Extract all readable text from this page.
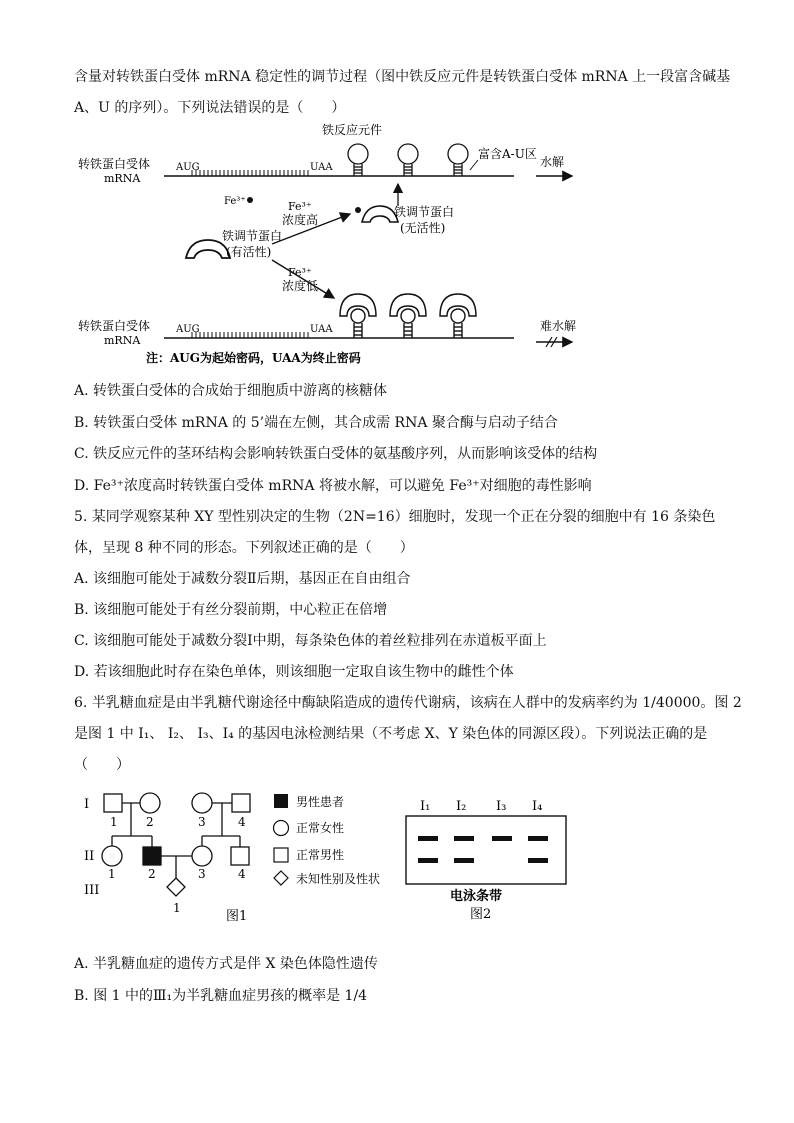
含量对转铁蛋白受体 mRNA 稳定性的调节过程（图中铁反应元件是转铁蛋白受体 mRNA 上一段富含碱基
A、U 的序列）。下列说法错误的是（　　）
铁反应元件
转铁蛋白受体
mRNA
AUG	UAA
富含A-U区
水解
Fe³⁺	Fe³⁺
浓度高
铁调节蛋白
(无活性)
铁调节蛋白
(有活性)
Fe³⁺
浓度低
转铁蛋白受体
mRNA
AUG	UAA	难水解
注：AUG为起始密码，UAA为终止密码
A. 转铁蛋白受体的合成始于细胞质中游离的核糖体
B. 转铁蛋白受体 mRNA 的 5’端在左侧，其合成需 RNA 聚合酶与启动子结合
C. 铁反应元件的茎环结构会影响转铁蛋白受体的氨基酸序列，从而影响该受体的结构
D. Fe³⁺浓度高时转铁蛋白受体 mRNA 将被水解，可以避免 Fe³⁺对细胞的毒性影响
5. 某同学观察某种 XY 型性别决定的生物（2N=16）细胞时，发现一个正在分裂的细胞中有 16 条染色
体，呈现 8 种不同的形态。下列叙述正确的是（　　）
A. 该细胞可能处于减数分裂Ⅱ后期，基因正在自由组合
B. 该细胞可能处于有丝分裂前期，中心粒正在倍增
C. 该细胞可能处于减数分裂Ⅰ中期，每条染色体的着丝粒排列在赤道板平面上
D. 若该细胞此时存在染色单体，则该细胞一定取自该生物中的雌性个体
6. 半乳糖血症是由半乳糖代谢途径中酶缺陷造成的遗传代谢病，该病在人群中的发病率约为 1/40000。图 2
是图 1 中 Ⅰ₁、 Ⅰ₂、 Ⅰ₃、Ⅰ₄ 的基因电泳检测结果（不考虑 X、Y 染色体的同源区段）。下列说法正确的是
（　　）
I
II
III
1 2	3	4
1	2	3	4
1
男性患者
正常女性
正常男性
未知性别及性状
图1
I₁ I₂ I₃ I₄
电泳条带
图2
A. 半乳糖血症的遗传方式是伴 X 染色体隐性遗传
B. 图 1 中的Ⅲ₁为半乳糖血症男孩的概率是 1/4
